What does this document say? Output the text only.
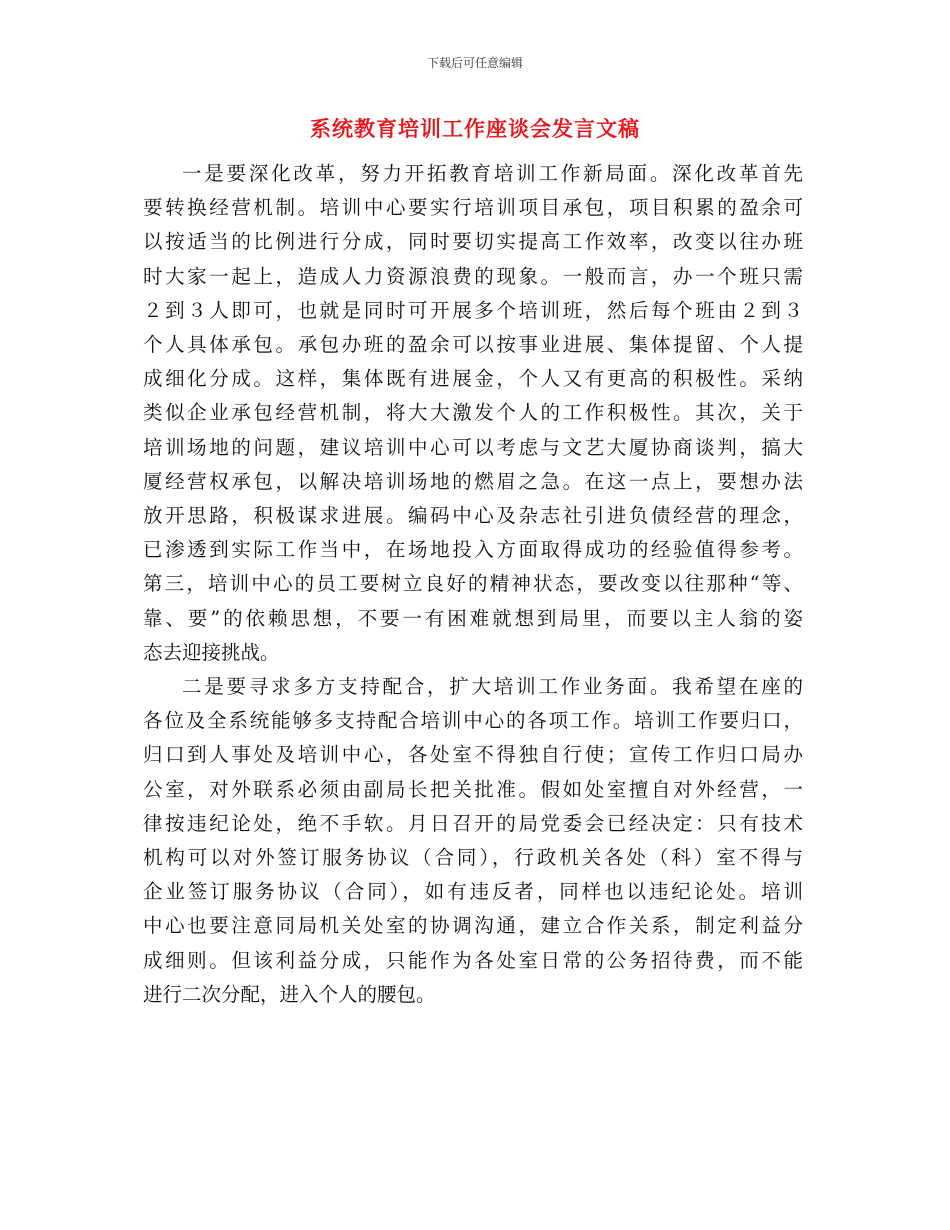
下载后可任意编辑
系统教育培训工作座谈会发言文稿
一是要深化改革，努力开拓教育培训工作新局面。深化改革首先
要转换经营机制。培训中心要实行培训项目承包，项目积累的盈余可
以按适当的比例进行分成，同时要切实提高工作效率，改变以往办班
时大家一起上，造成人力资源浪费的现象。一般而言，办一个班只需
２到３人即可，也就是同时可开展多个培训班，然后每个班由２到３
个人具体承包。承包办班的盈余可以按事业进展、集体提留、个人提
成细化分成。这样，集体既有进展金，个人又有更高的积极性。采纳
类似企业承包经营机制，将大大激发个人的工作积极性。其次，关于
培训场地的问题，建议培训中心可以考虑与文艺大厦协商谈判，搞大
厦经营权承包，以解决培训场地的燃眉之急。在这一点上，要想办法
放开思路，积极谋求进展。编码中心及杂志社引进负债经营的理念，
已渗透到实际工作当中，在场地投入方面取得成功的经验值得参考。
第三，培训中心的员工要树立良好的精神状态，要改变以往那种“等、
靠、要”的依赖思想，不要一有困难就想到局里，而要以主人翁的姿
态去迎接挑战。
二是要寻求多方支持配合，扩大培训工作业务面。我希望在座的
各位及全系统能够多支持配合培训中心的各项工作。培训工作要归口，
归口到人事处及培训中心，各处室不得独自行使；宣传工作归口局办
公室，对外联系必须由副局长把关批准。假如处室擅自对外经营，一
律按违纪论处，绝不手软。月日召开的局党委会已经决定：只有技术
机构可以对外签订服务协议（合同），行政机关各处（科）室不得与
企业签订服务协议（合同），如有违反者，同样也以违纪论处。培训
中心也要注意同局机关处室的协调沟通，建立合作关系，制定利益分
成细则。但该利益分成，只能作为各处室日常的公务招待费，而不能
进行二次分配，进入个人的腰包。
